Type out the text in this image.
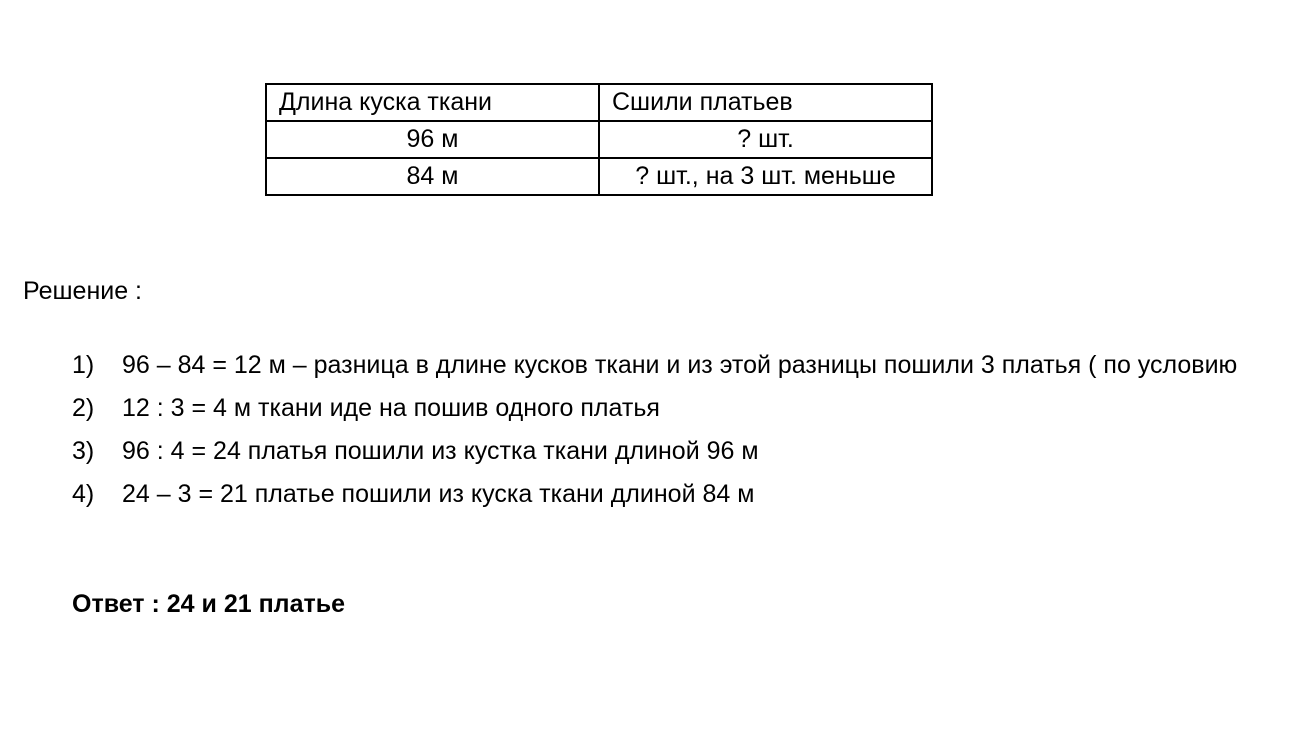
Длина куска ткани	Сшили платьев
96 м	? шт.
84 м	? шт., на 3 шт. меньше
Решение :
1)	96 – 84 = 12 м – разница в длине кусков ткани и из этой разницы пошили 3 платья ( по условию
2)	12 : 3 = 4 м ткани иде на пошив одного платья
3)	96 : 4 = 24 платья пошили из кустка ткани длиной 96 м
4)	24 – 3 = 21 платье пошили из куска ткани длиной 84 м
Ответ : 24 и 21 платье
